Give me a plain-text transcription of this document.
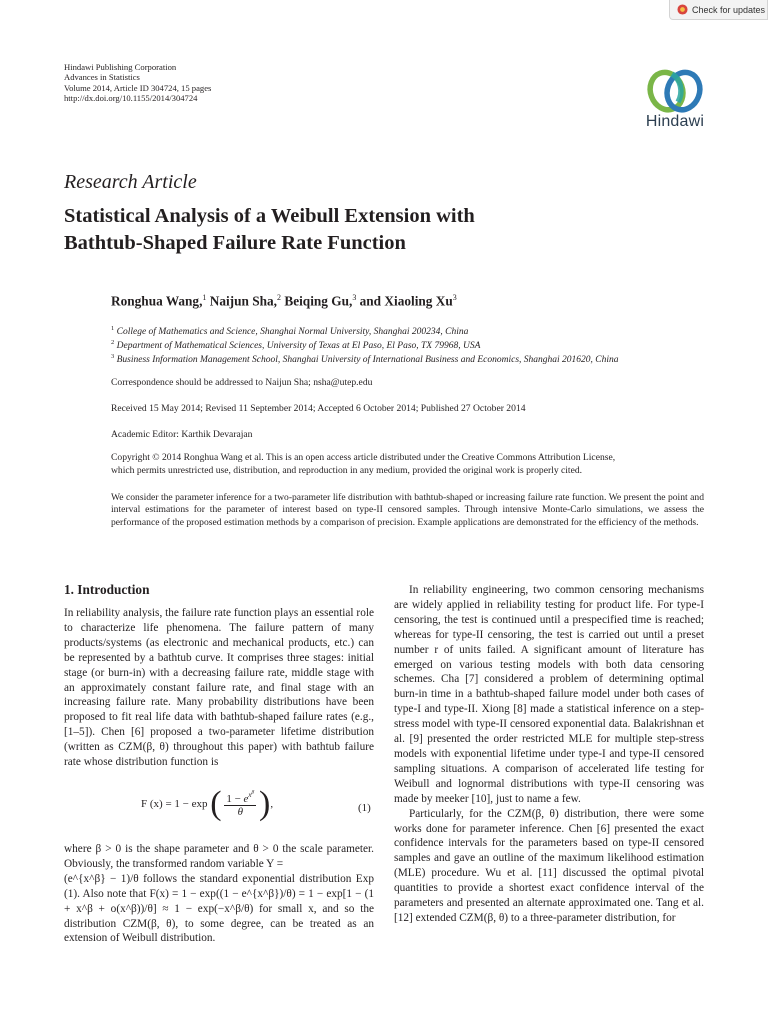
Check for updates
Hindawi Publishing Corporation
Advances in Statistics
Volume 2014, Article ID 304724, 15 pages
http://dx.doi.org/10.1155/2014/304724
Hindawi
Research Article
Statistical Analysis of a Weibull Extension with
Bathtub-Shaped Failure Rate Function
Ronghua Wang,$^1$ Naijun Sha,$^2$ Beiqing Gu,$^3$ and Xiaoling Xu$^3$
$^1$ College of Mathematics and Science, Shanghai Normal University, Shanghai 200234, China
$^2$ Department of Mathematical Sciences, University of Texas at El Paso, El Paso, TX 79968, USA
$^3$ Business Information Management School, Shanghai University of International Business and Economics, Shanghai 201620, China
Correspondence should be addressed to Naijun Sha; nsha@utep.edu
Received 15 May 2014; Revised 11 September 2014; Accepted 6 October 2014; Published 27 October 2014
Academic Editor: Karthik Devarajan
Copyright © 2014 Ronghua Wang et al. This is an open access article distributed under the Creative Commons Attribution License,
which permits unrestricted use, distribution, and reproduction in any medium, provided the original work is properly cited.
We consider the parameter inference for a two-parameter life distribution with bathtub-shaped or increasing failure rate function. We present the point and interval estimations for the parameter of interest based on type-II censored samples. Through intensive Monte-Carlo simulations, we assess the performance of the proposed estimation methods by a comparison of precision. Example applications are demonstrated for the efficiency of the methods.
1. Introduction
In reliability analysis, the failure rate function plays an essential role to characterize life phenomena. The failure pattern of many products/systems (as electronic and mechanical products, etc.) can be represented by a bathtub curve. It comprises three stages: initial stage (or burn-in) with a decreasing failure rate, middle stage with an approximately constant failure rate, and final stage with an increasing failure rate. Many probability distributions have been proposed to fit real life data with bathtub-shaped failure rates (e.g., [1–5]). Chen [6] proposed a two-parameter lifetime distribution (written as CZM(β, θ) throughout this paper) with bathtub failure rate whose distribution function is
F (x) = 1 − exp ( $\frac{1 - e^{x^\beta}}{\theta}$ ),	(1)

where β > 0 is the shape parameter and θ > 0 the scale parameter. Obviously, the transformed random variable Y =

(e^{x^β} − 1)/θ follows the standard exponential distribution Exp (1). Also note that F(x) = 1 − exp((1 − e^{x^β})/θ) = 1 − exp[1 − (1 + x^β + o(x^β))/θ] ≈ 1 − exp(−x^β/θ) for small x, and so the distribution CZM(β, θ), to some degree, can be treated as an extension of Weibull distribution.

In reliability engineering, two common censoring mechanisms are widely applied in reliability testing for product life. For type-I censoring, the test is continued until a prespecified time is reached; whereas for type-II censoring, the test is carried out until a preset number r of units failed. A significant amount of literature has emerged on various testing models with both data censoring schemes. Cha [7] considered a problem of determining optimal burn-in time in a bathtub-shaped failure model under both cases of type-I and type-II. Xiong [8] made a statistical inference on a step-stress model with type-II censored exponential data. Balakrishnan et al. [9] presented the order restricted MLE for multiple step-stress models with exponential lifetime under type-I and type-II censored sampling situations. A comparison of accelerated life testing for Weibull and lognormal distributions with type-II censoring was made by meeker [10], just to name a few.

Particularly, for the CZM(β, θ) distribution, there were some works done for parameter inference. Chen [6] presented the exact confidence intervals for the parameters based on type-II censored samples and gave an outline of the maximum likelihood estimation (MLE) procedure. Wu et al. [11] discussed the optimal pivotal quantities to provide a shortest exact confidence interval of the parameters and presented an alternate approximated one. Tang et al. [12] extended CZM(β, θ) to a three-parameter distribution, for
